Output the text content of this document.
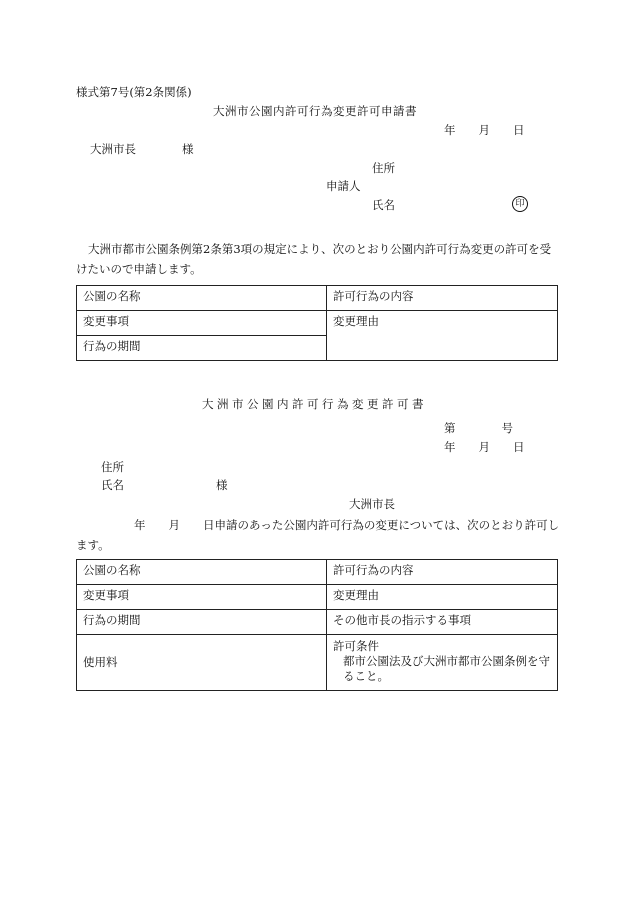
様式第7号(第2条関係)
大洲市公園内許可行為変更許可申請書
年　　月　　日
大洲市長　　　　様
住所
申請人
氏名	印
大洲市都市公園条例第2条第3項の規定により、次のとおり公園内許可行為変更の許可を受けたいので申請します。
公園の名称	許可行為の内容
変更事項	変更理由
行為の期間	
大洲市公園内許可行為変更許可書
第　　　　号
年　　月　　日
住所
氏名　　　　　　　　様
大洲市長
年　　月　　日申請のあった公園内許可行為の変更については、次のとおり許可します。
公園の名称	許可行為の内容
変更事項	変更理由
行為の期間	その他市長の指示する事項
使用料	許可条件
都市公園法及び大洲市都市公園条例を守ること。
